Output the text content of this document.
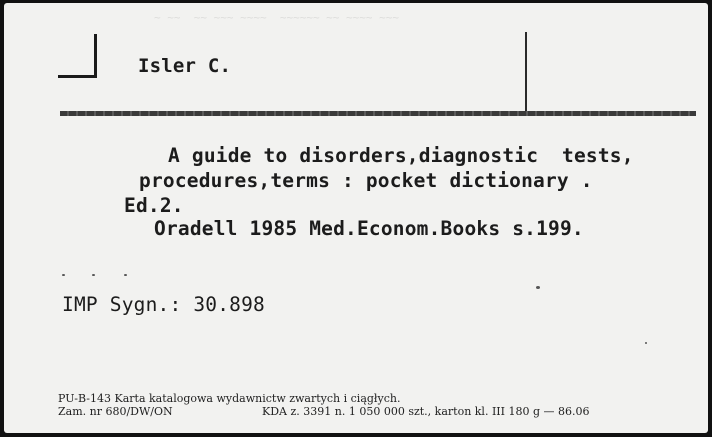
~ ~~  ~~ ~~~ ~~~~  ~~~~~~ ~~ ~~~~ ~~~
Isler C.
A guide to disorders,diagnostic  tests,
procedures,terms : pocket dictionary .
Ed.2.
Oradell 1985 Med.Econom.Books s.199.
IMP Sygn.: 30.898
PU-B-143 Karta katalogowa wydawnictw zwartych i ciągłych.
Zam. nr 680/DW/ON	KDA z. 3391 n. 1 050 000 szt., karton kl. III 180 g — 86.06
